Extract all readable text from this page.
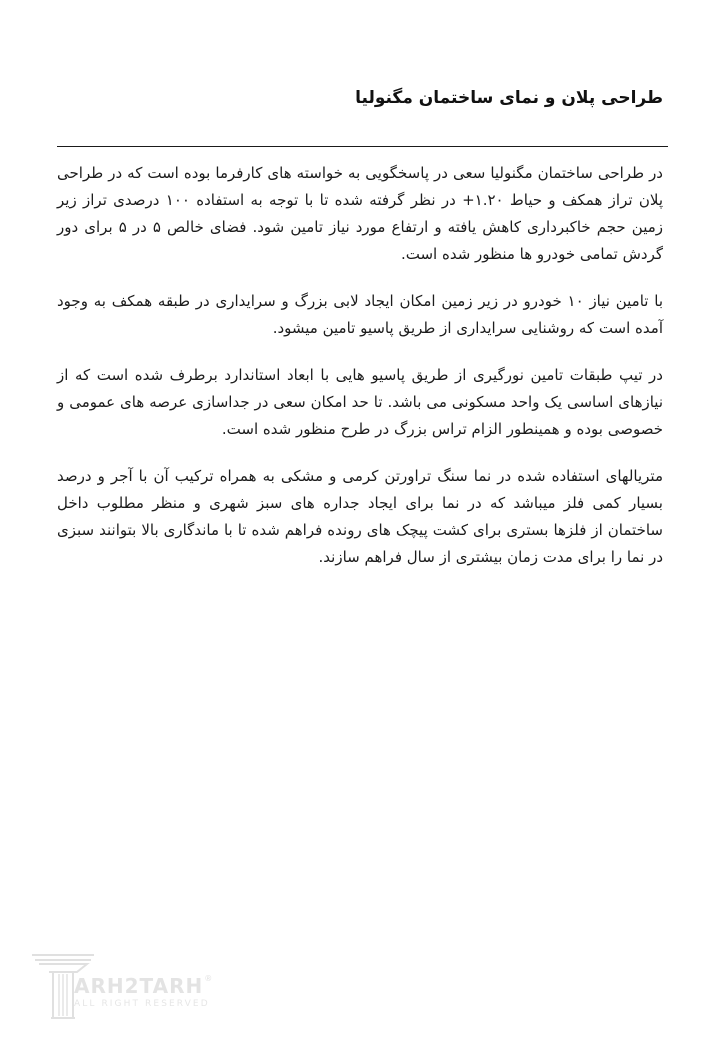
طراحی پلان و نمای ساختمان مگنولیا

در طراحی ساختمان مگنولیا سعی در پاسخگویی به خواسته های کارفرما بوده است که در طراحی پلان تراز همکف و حیاط ⁦+۱.۲۰⁩ در نظر گرفته شده تا با توجه به استفاده ۱۰۰ درصدی تراز زیر زمین حجم خاکبرداری کاهش یافته و ارتفاع مورد نیاز تامین شود. فضای خالص ۵ در ۵ برای دور گردش تمامی خودرو ها منظور شده است.

با تامین نیاز ۱۰ خودرو در زیر زمین امکان ایجاد لابی بزرگ و سرایداری در طبقه همکف به وجود آمده است که روشنایی سرایداری از طریق پاسیو تامین میشود.

در تیپ طبقات تامین نورگیری از طریق پاسیو هایی با ابعاد استاندارد برطرف شده است که از نیازهای اساسی یک واحد مسکونی می باشد. تا حد امکان سعی در جداسازی عرصه های عمومی و خصوصی بوده و همینطور الزام تراس بزرگ در طرح منظور شده است.

متریالهای استفاده شده در نما سنگ تراورتن کرمی و مشکی به همراه ترکیب آن با آجر و درصد بسیار کمی فلز میباشد که در نما برای ایجاد جداره های سبز شهری و منظر مطلوب داخل ساختمان از فلزها بستری برای کشت پیچک های رونده فراهم شده تا با ماندگاری بالا بتوانند سبزی در نما را برای مدت زمان بیشتری از سال فراهم سازند.

ARH2TARH®
ALL RIGHT RESERVED
